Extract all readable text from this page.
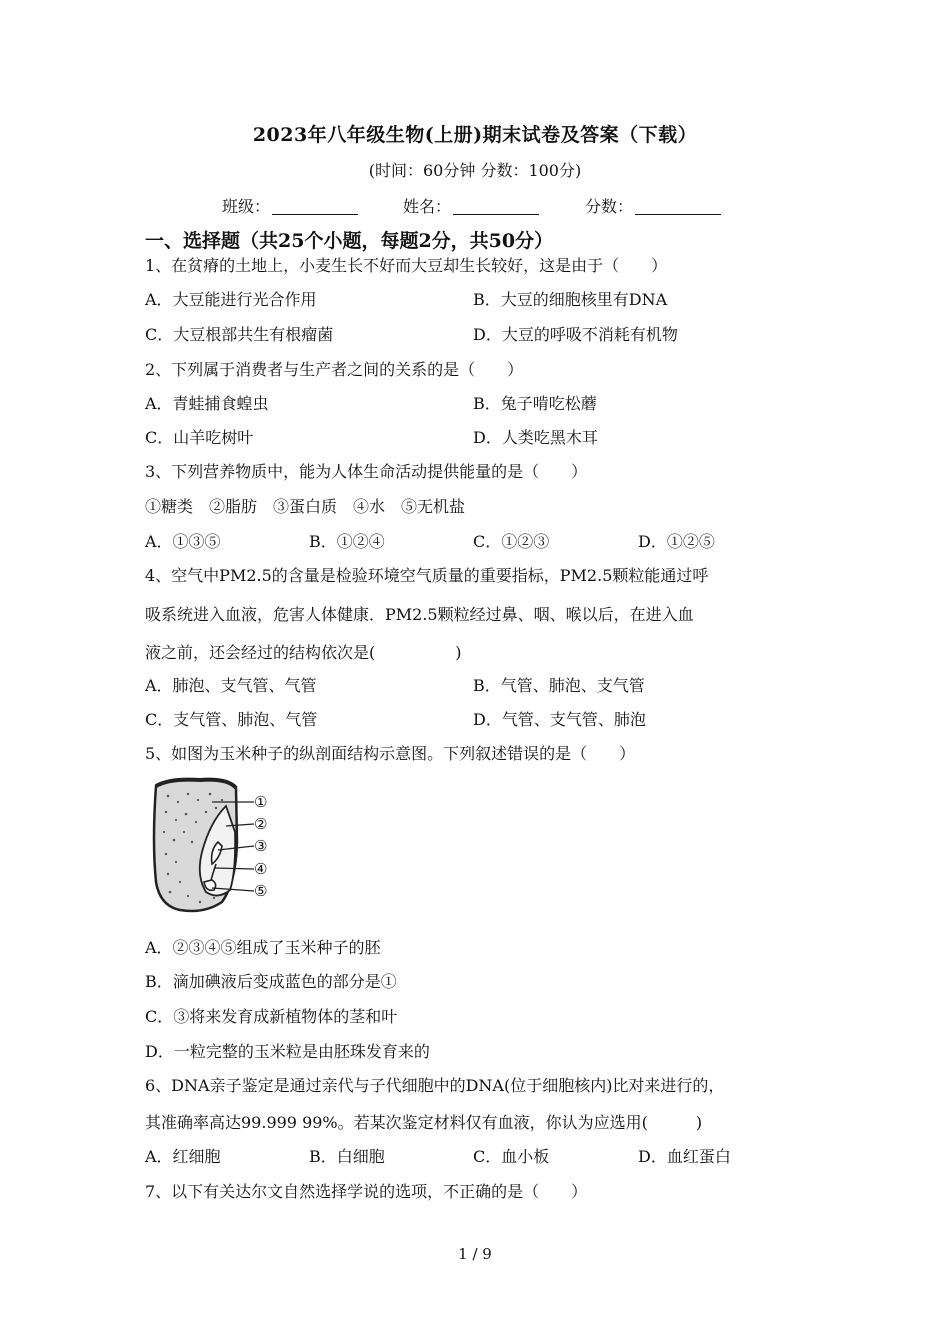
2023年八年级生物(上册)期末试卷及答案（下载）
(时间：60分钟 分数：100分)
班级：	姓名：	分数：
一、选择题（共25个小题，每题2分，共50分）
1、在贫瘠的土地上，小麦生长不好而大豆却生长较好，这是由于（　　）
A．大豆能进行光合作用	B．大豆的细胞核里有DNA
C．大豆根部共生有根瘤菌	D．大豆的呼吸不消耗有机物
2、下列属于消费者与生产者之间的关系的是（　　）
A．青蛙捕食蝗虫	B．兔子啃吃松蘑
C．山羊吃树叶	D．人类吃黑木耳
3、下列营养物质中，能为人体生命活动提供能量的是（　　）
①糖类　②脂肪　③蛋白质　④水　⑤无机盐
A．①③⑤	B．①②④	C．①②③	D．①②⑤
4、空气中PM2.5的含量是检验环境空气质量的重要指标，PM2.5颗粒能通过呼
吸系统进入血液，危害人体健康．PM2.5颗粒经过鼻、咽、喉以后，在进入血
液之前，还会经过的结构依次是(　　　　　)
A．肺泡、支气管、气管	B．气管、肺泡、支气管
C．支气管、肺泡、气管	D．气管、支气管、肺泡
5、如图为玉米种子的纵剖面结构示意图。下列叙述错误的是（　　）
①
②
③
④
⑤
A．②③④⑤组成了玉米种子的胚
B．滴加碘液后变成蓝色的部分是①
C．③将来发育成新植物体的茎和叶
D．一粒完整的玉米粒是由胚珠发育来的
6、DNA亲子鉴定是通过亲代与子代细胞中的DNA(位于细胞核内)比对来进行的，
其准确率高达99.999 99%。若某次鉴定材料仅有血液，你认为应选用(　　　)
A．红细胞	B．白细胞	C．血小板	D．血红蛋白
7、以下有关达尔文自然选择学说的选项，不正确的是（　　）
1 / 9
